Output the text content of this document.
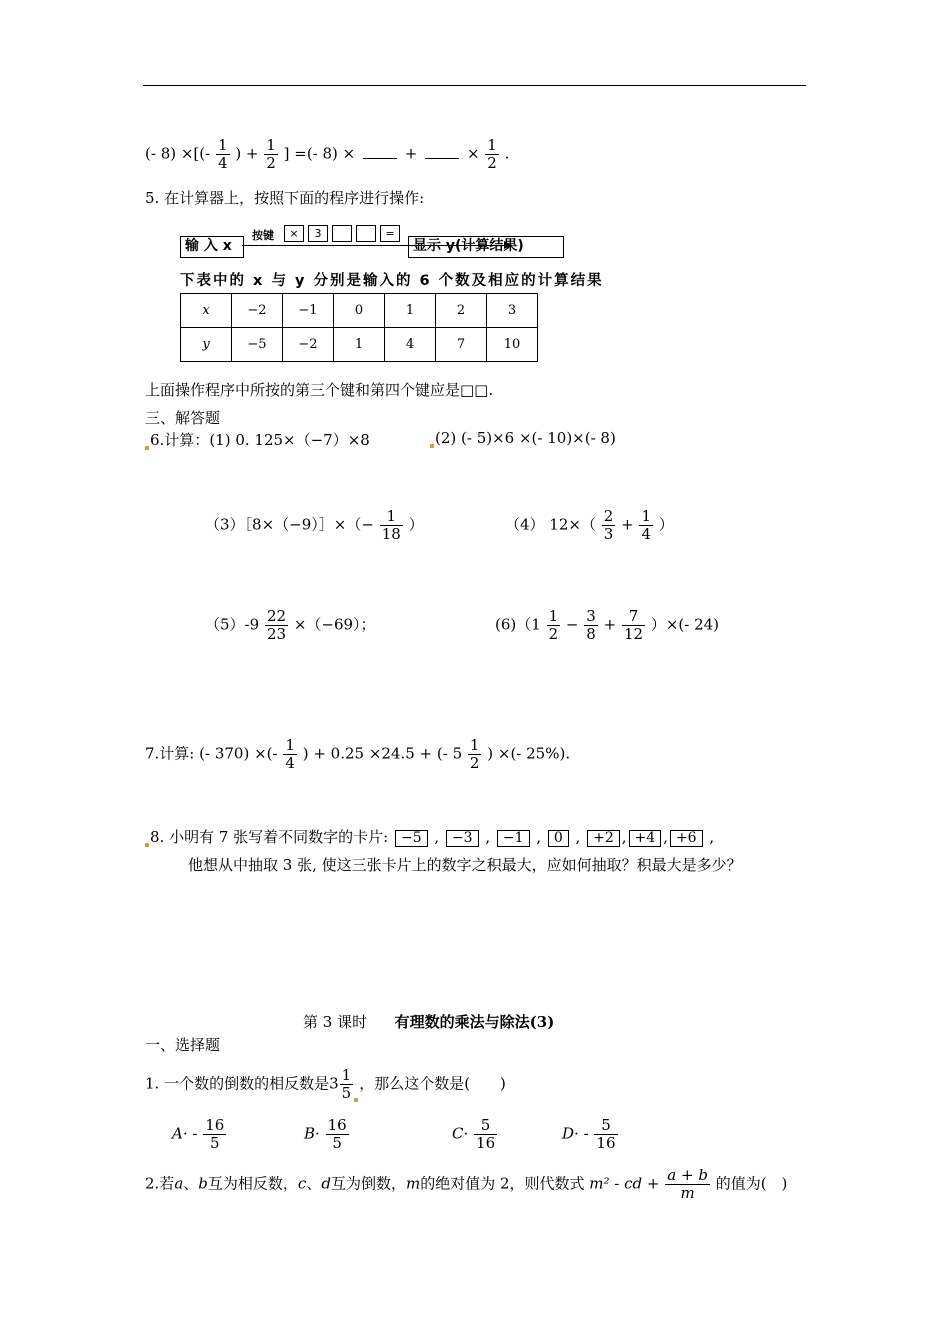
(- 8) ×[(- $\frac{1}{4}$ ) + $\frac{1}{2}$ ] =(- 8) ×	+	× $\frac{1}{2}$ .
5. 在计算器上，按照下面的程序进行操作:
输 入 x
按键	×	3	=
显示 y(计算结果)
下表中的 x 与 y 分别是输入的 6 个数及相应的计算结果
x	−2	−1	0	1	2	3
y	−5	−2	1	4	7	10
上面操作程序中所按的第三个键和第四个键应是□□.
三、解答题
6.计算：(1) 0. 125×（−7）×8	(2) (- 5)×6 ×(- 10)×(- 8)
（3）［8×（−9）］×（− $\frac{1}{18}$ ）	（4） $12\times( \frac{2}{3} + \frac{1}{4}$ ）
$(5)-9 \frac{22}{23} \times(-69)$；	$(6)(1 \frac{1}{2} - \frac{3}{8} + \frac{7}{12}$ ）×(- 24)
7.计算: (- 370) ×(- $\frac{1}{4}$ ) + 0.25 ×24.5 + (- $5 \frac{1}{2}$ ) ×(- 25%).
8. 小明有 7 张写着不同数字的卡片: −5 , −3 , −1 , 0 , +2 , +4 , +6 ,
他想从中抽取 3 张, 使这三张卡片上的数字之积最大，应如何抽取？积最大是多少？
第 3 课时 有理数的乘法与除法(3)
一、选择题
1. 一个数的倒数的相反数是$3 \frac{1}{5}$ ，那么这个数是(　　)
$A\cdot - \frac{16}{5}$	$B\cdot \frac{16}{5}$	$C\cdot \frac{5}{16}$	$D\cdot - \frac{5}{16}$
2.若a、b互为相反数，c、d互为倒数，m的绝对值为 2，则代数式 m² - cd + $\frac{a + b}{m}$ 的值为(　)
